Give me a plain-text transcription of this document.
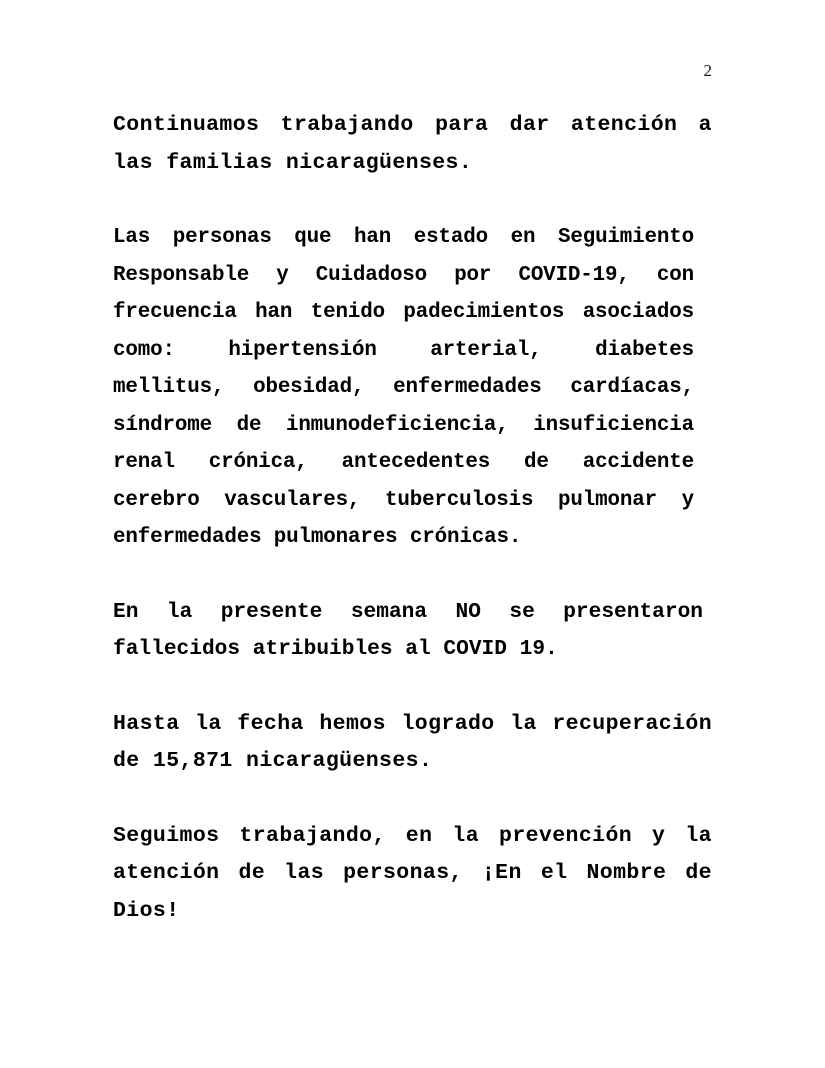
2

Continuamos trabajando para dar atención a las familias nicaragüenses.

Las personas que han estado en Seguimiento Responsable y Cuidadoso por COVID-19, con frecuencia han tenido padecimientos asociados como: hipertensión arterial, diabetes mellitus, obesidad, enfermedades cardíacas, síndrome de inmunodeficiencia, insuficiencia renal crónica, antecedentes de accidente cerebro vasculares, tuberculosis pulmonar y enfermedades pulmonares crónicas.

En la presente semana NO se presentaron fallecidos atribuibles al COVID 19.

Hasta la fecha hemos logrado la recuperación de 15,871 nicaragüenses.

Seguimos trabajando, en la prevención y la atención de las personas, ¡En el Nombre de Dios!
